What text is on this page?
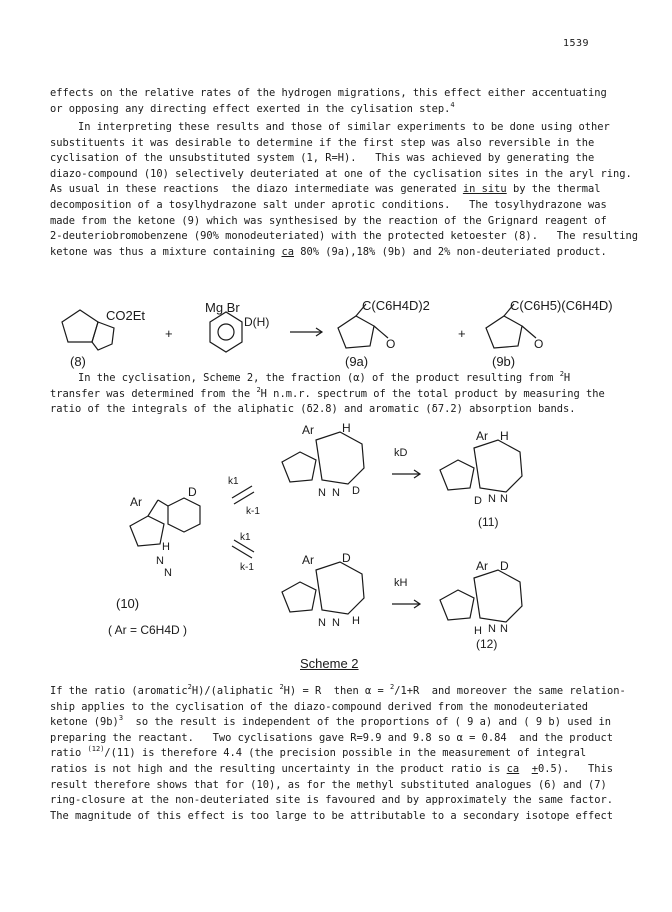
1539
effects on the relative rates of the hydrogen migrations, this effect either accentuating
or opposing any directing effect exerted in the cylisation step.$^4$
In interpreting these results and those of similar experiments to be done using other
substituents it was desirable to determine if the first step was also reversible in the
cyclisation of the unsubstituted system (1, R=H).   This was achieved by generating the
diazo-compound (10) selectively deuteriated at one of the cyclisation sites in the aryl ring.
As usual in these reactions  the diazo intermediate was generated in situ by the thermal
decomposition of a tosylhydrazone salt under aprotic conditions.   The tosylhydrazone was
made from the ketone (9) which was synthesised by the reaction of the Grignard reagent of
2-deuteriobromobenzene (90% monodeuteriated) with the protected ketoester (8).   The resulting
ketone was thus a mixture containing ca 80% (9a),18% (9b) and 2% non-deuteriated product.
CO2Et
+
Mg Br
D(H)
C(C6H4D)2
O
+
C(C6H5)(C6H4D)
O
(8)	(9a)	(9b)
In the cyclisation, Scheme 2, the fraction (α) of the product resulting from $^2$H
transfer was determined from the $^2$H n.m.r. spectrum of the total product by measuring the
ratio of the integrals of the aliphatic (δ2.8) and aromatic (δ7.2) absorption bands.
Ar
D
H
N
N
(10)
( Ar = C6H4D )
k1
k-1
k1
k-1
Ar H
N N D
kD
Ar H
D N N
(11)
Ar D
N N H
kH
Ar D
H N N
(12)
Scheme 2
If the ratio (aromatic$^2$H)/(aliphatic $^2$H) = R  then α = $^2$/1+R  and moreover the same relation-
ship applies to the cyclisation of the diazo-compound derived from the monodeuteriated
ketone $(9b)^3$  so the result is independent of the proportions of ( 9 a) and ( 9 b) used in
preparing the reactant.   Two cyclisations gave R=9.9 and 9.8 so α = 0.84  and the product
ratio $^{(12)}$/(11) is therefore 4.4 (the precision possible in the measurement of integral
ratios is not high and the resulting uncertainty in the product ratio is ca +0.5).   This
result therefore shows that for (10), as for the methyl substituted analogues (6) and (7)
ring-closure at the non-deuteriated site is favoured and by approximately the same factor.
The magnitude of this effect is too large to be attributable to a secondary isotope effect
